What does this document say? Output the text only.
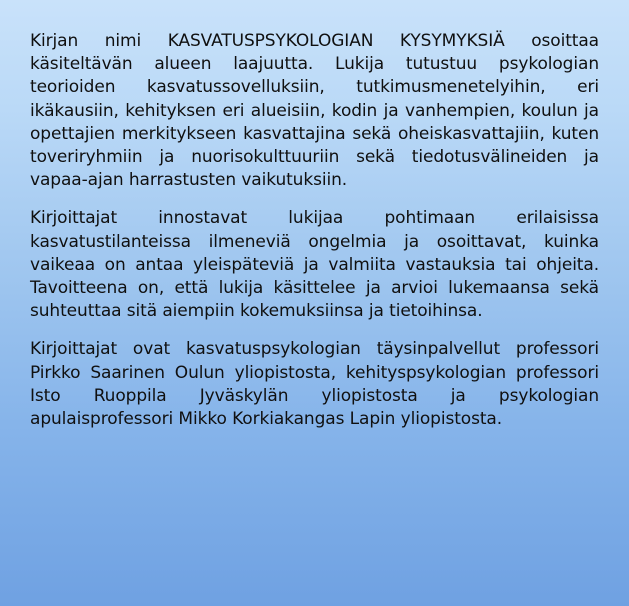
Kirjan nimi KASVATUSPSYKOLOGIAN KYSYMYKSIÄ osoittaa käsiteltävän alueen laajuutta. Lukija tutustuu psykologian teorioiden kasvatussovelluksiin, tutkimusmenetelyihin, eri ikäkausiin, kehityksen eri alueisiin, kodin ja vanhempien, koulun ja opettajien merkitykseen kasvattajina sekä oheiskasvattajiin, kuten toveriryhmiin ja nuorisokulttuuriin sekä tiedotusvälineiden ja vapaa-ajan harrastusten vaikutuksiin.

Kirjoittajat innostavat lukijaa pohtimaan erilaisissa kasvatustilanteissa ilmeneviä ongelmia ja osoittavat, kuinka vaikeaa on antaa yleispäteviä ja valmiita vastauksia tai ohjeita. Tavoitteena on, että lukija käsittelee ja arvioi lukemaansa sekä suhteuttaa sitä aiempiin kokemuksiinsa ja tietoihinsa.

Kirjoittajat ovat kasvatuspsykologian täysinpalvellut professori Pirkko Saarinen Oulun yliopistosta, kehityspsykologian professori Isto Ruoppila Jyväskylän yliopistosta ja psykologian apulaisprofessori Mikko Korkiakangas Lapin yliopistosta.
